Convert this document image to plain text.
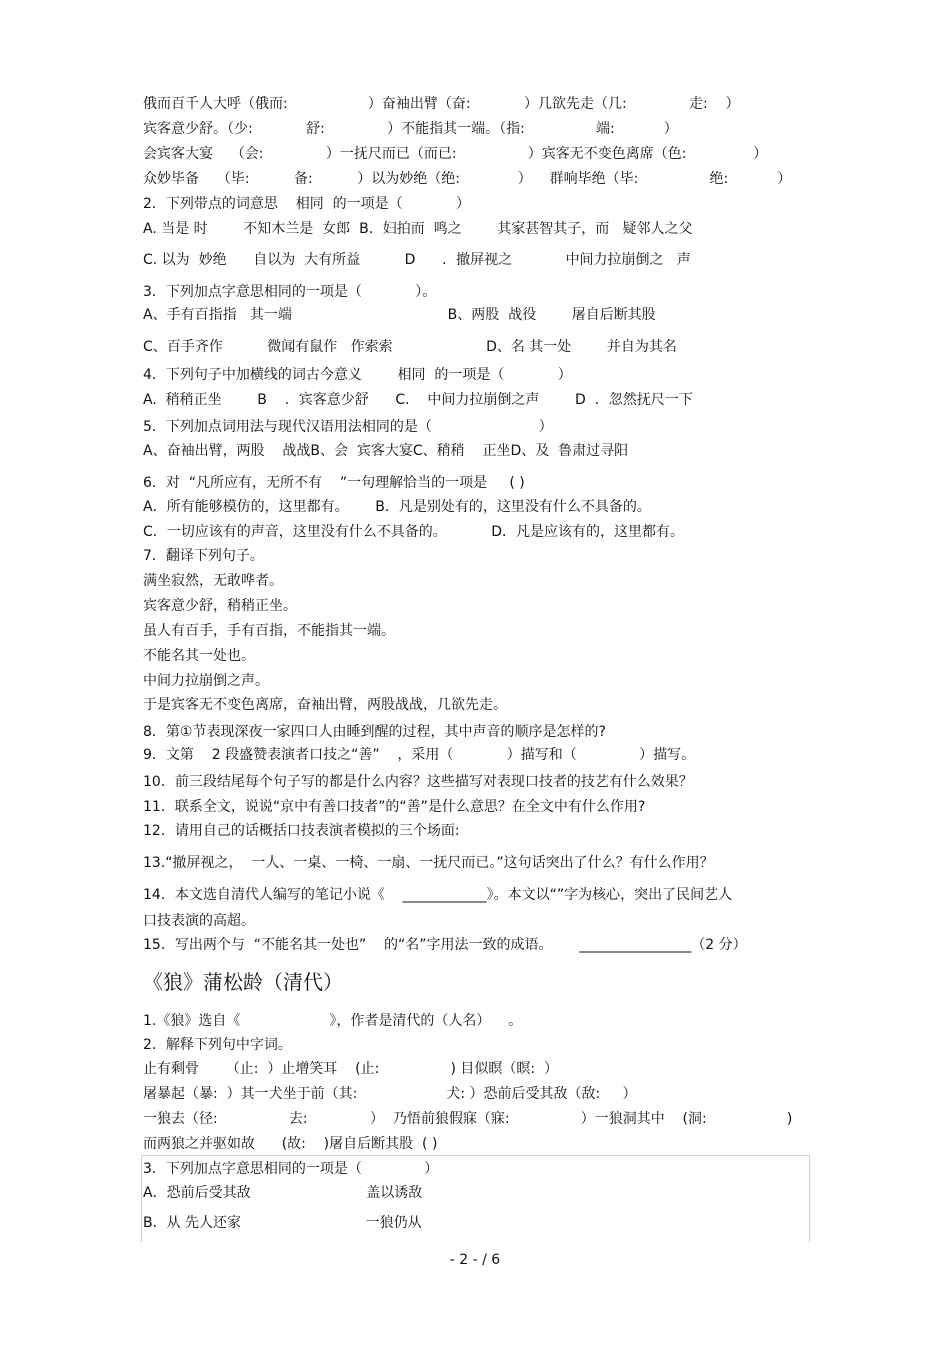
俄而百千人大呼（俄而:                  ）奋袖出臂（奋:            ）几欲先走（几:              走:    ）
宾客意少舒。（少:            舒:              ）不能指其一端。（指:                端:           ）
会宾客大宴    （会:              ）一抚尺而已（而已:                ）宾客无不变色离席（色:               ）
众妙毕备    （毕:          备:          ）以为妙绝（绝:             ）    群响毕绝（毕:                绝:           ）
2．下列带点的词意思    相同  的一项是（            ）
A. 当是 时        不知木兰是  女郎  B．妇拍而  鸣之        其家甚智其子，而   疑邻人之父
C. 以为  妙绝      自以为  大有所益          D      ．撤屏视之            中间力拉崩倒之   声
3．下列加点字意思相同的一项是（            ）。
A、手有百指指   其一端                                   B、两股  战役        屠自后断其股
C、百手齐作          微闻有鼠作   作索索                     D、名 其一处        并自为其名
4．下列句子中加横线的词古今意义        相同  的一项是（            ）
A.  稍稍正坐        B    ．宾客意少舒      C.    中间力拉崩倒之声        D  ．忽然抚尺一下
5．下列加点词用法与现代汉语用法相同的是（                        ）
A、奋袖出臂，两股    战战B、会  宾客大宴C、稍稍    正坐D、及  鲁肃过寻阳
6．对  “凡所应有，无所不有    ”一句理解恰当的一项是     ( )
A．所有能够模仿的，这里都有。      B．凡是别处有的，这里没有什么不具备的。
C．一切应该有的声音，这里没有什么不具备的。          D．凡是应该有的，这里都有。
7．翻译下列句子。
满坐寂然，无敢哗者。
宾客意少舒，稍稍正坐。
虽人有百手，手有百指，不能指其一端。
不能名其一处也。
中间力拉崩倒之声。
于是宾客无不变色离席，奋袖出臂，两股战战，几欲先走。
8．第①节表现深夜一家四口人由睡到醒的过程，其中声音的顺序是怎样的?
9．文第    2 段盛赞表演者口技之“善”    ，采用（            ）描写和（              ）描写。
10．前三段结尾每个句子写的都是什么内容？这些描写对表现口技者的技艺有什么效果？
11．联系全文，说说“京中有善口技者”的“善”是什么意思？在全文中有什么作用?
12．请用自己的话概括口技表演者模拟的三个场面:
13.“撤屏视之，  一人、一桌、一椅、一扇、一抚尺而已。”这句话突出了什么？有什么作用？
14．本文选自清代人编写的笔记小说《    ____________》。本文以“”字为核心，突出了民间艺人
口技表演的高超。
15．写出两个与  “不能名其一处也”    的“名”字用法一致的成语。      ________________（2 分）
《狼》蒲松龄（清代）
1.《狼》选自《                    》，作者是清代的（人名）    。
2．解释下列句中字词。
止有剩骨      （止:  ）止增笑耳    (止:                ) 目似瞑（瞑:  ）
屠暴起（暴:  ）其一犬坐于前（其:                    犬: ）恐前后受其敌（敌:     ）
一狼去（径:                去:              ）  乃悟前狼假寐（寐:                ）一狼洞其中    (洞:                  )
而两狼之并驱如故      (故:    )屠自后断其股  ( )
3．下列加点字意思相同的一项是（              ）
A．恐前后受其敌                          盖以诱敌
B．从 先人还家                            一狼仍从
- 2 - / 6
